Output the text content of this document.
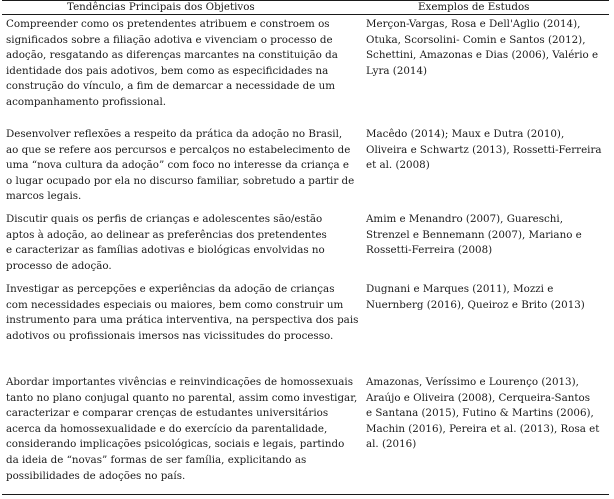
Tendências Principais dos Objetivos	Exemplos de Estudos
Compreender como os pretendentes atribuem e constroem os
significados sobre a filiação adotiva e vivenciam o processo de
adoção, resgatando as diferenças marcantes na constituição da
identidade dos pais adotivos, bem como as especificidades na
construção do vínculo, a fim de demarcar a necessidade de um
acompanhamento profissional.
Merçon-Vargas, Rosa e Dell'Aglio (2014),
Otuka, Scorsolini- Comin e Santos (2012),
Schettini, Amazonas e Dias (2006), Valério e
Lyra (2014)
Desenvolver reflexões a respeito da prática da adoção no Brasil,
ao que se refere aos percursos e percalços no estabelecimento de
uma “nova cultura da adoção” com foco no interesse da criança e
o lugar ocupado por ela no discurso familiar, sobretudo a partir de
marcos legais.
Macêdo (2014); Maux e Dutra (2010),
Oliveira e Schwartz (2013), Rossetti-Ferreira
et al. (2008)
Discutir quais os perfis de crianças e adolescentes são/estão
aptos à adoção, ao delinear as preferências dos pretendentes
e caracterizar as famílias adotivas e biológicas envolvidas no
processo de adoção.
Amim e Menandro (2007), Guareschi,
Strenzel e Bennemann (2007), Mariano e
Rossetti-Ferreira (2008)
Investigar as percepções e experiências da adoção de crianças
com necessidades especiais ou maiores, bem como construir um
instrumento para uma prática interventiva, na perspectiva dos pais
adotivos ou profissionais imersos nas vicissitudes do processo.
Dugnani e Marques (2011), Mozzi e
Nuernberg (2016), Queiroz e Brito (2013)
Abordar importantes vivências e reinvindicações de homossexuais
tanto no plano conjugal quanto no parental, assim como investigar,
caracterizar e comparar crenças de estudantes universitários
acerca da homossexualidade e do exercício da parentalidade,
considerando implicações psicológicas, sociais e legais, partindo
da ideia de “novas” formas de ser família, explicitando as
possibilidades de adoções no país.
Amazonas, Veríssimo e Lourenço (2013),
Araújo e Oliveira (2008), Cerqueira-Santos
e Santana (2015), Futino & Martins (2006),
Machin (2016), Pereira et al. (2013), Rosa et
al. (2016)
